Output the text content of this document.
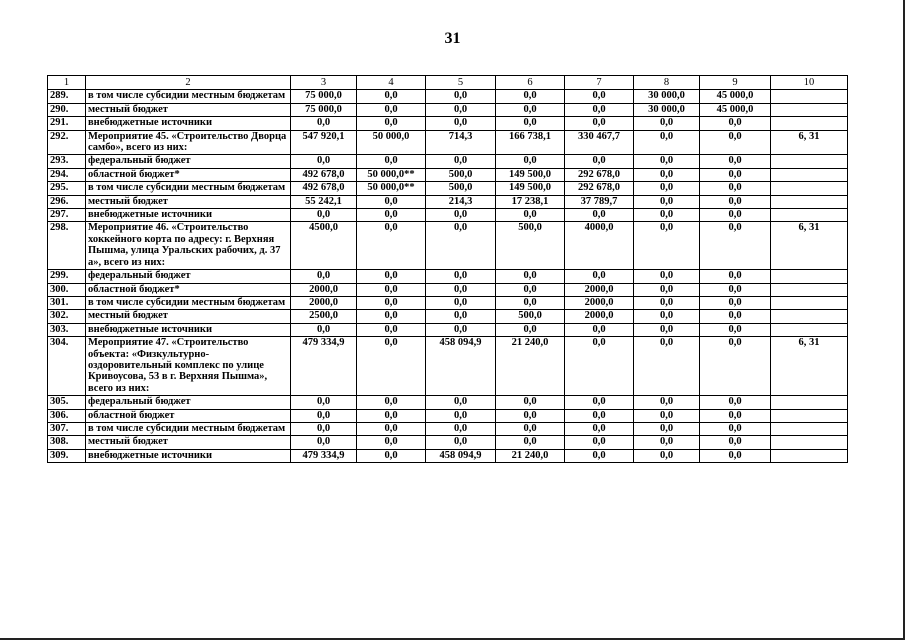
31
1	2	3	4	5	6	7	8	9	10
289.	в том числе субсидии местным бюджетам	75 000,0	0,0	0,0	0,0	0,0	30 000,0	45 000,0	
290.	местный бюджет	75 000,0	0,0	0,0	0,0	0,0	30 000,0	45 000,0	
291.	внебюджетные источники	0,0	0,0	0,0	0,0	0,0	0,0	0,0	
292.	Мероприятие 45. «Строительство Дворца самбо», всего из них:	547 920,1	50 000,0	714,3	166 738,1	330 467,7	0,0	0,0	6, 31
293.	федеральный бюджет	0,0	0,0	0,0	0,0	0,0	0,0	0,0	
294.	областной бюджет*	492 678,0	50 000,0**	500,0	149 500,0	292 678,0	0,0	0,0	
295.	в том числе субсидии местным бюджетам	492 678,0	50 000,0**	500,0	149 500,0	292 678,0	0,0	0,0	
296.	местный бюджет	55 242,1	0,0	214,3	17 238,1	37 789,7	0,0	0,0	
297.	внебюджетные источники	0,0	0,0	0,0	0,0	0,0	0,0	0,0	
298.	Мероприятие 46. «Строительство хоккейного корта по адресу: г. Верхняя Пышма, улица Уральских рабочих, д. 37 а», всего из них:	4500,0	0,0	0,0	500,0	4000,0	0,0	0,0	6, 31
299.	федеральный бюджет	0,0	0,0	0,0	0,0	0,0	0,0	0,0	
300.	областной бюджет*	2000,0	0,0	0,0	0,0	2000,0	0,0	0,0	
301.	в том числе субсидии местным бюджетам	2000,0	0,0	0,0	0,0	2000,0	0,0	0,0	
302.	местный бюджет	2500,0	0,0	0,0	500,0	2000,0	0,0	0,0	
303.	внебюджетные источники	0,0	0,0	0,0	0,0	0,0	0,0	0,0	
304.	Мероприятие 47. «Строительство объекта: «Физкультурно-оздоровительный комплекс по улице Кривоусова, 53 в г. Верхняя Пышма», всего из них:	479 334,9	0,0	458 094,9	21 240,0	0,0	0,0	0,0	6, 31
305.	федеральный бюджет	0,0	0,0	0,0	0,0	0,0	0,0	0,0	
306.	областной бюджет	0,0	0,0	0,0	0,0	0,0	0,0	0,0	
307.	в том числе субсидии местным бюджетам	0,0	0,0	0,0	0,0	0,0	0,0	0,0	
308.	местный бюджет	0,0	0,0	0,0	0,0	0,0	0,0	0,0	
309.	внебюджетные источники	479 334,9	0,0	458 094,9	21 240,0	0,0	0,0	0,0	
